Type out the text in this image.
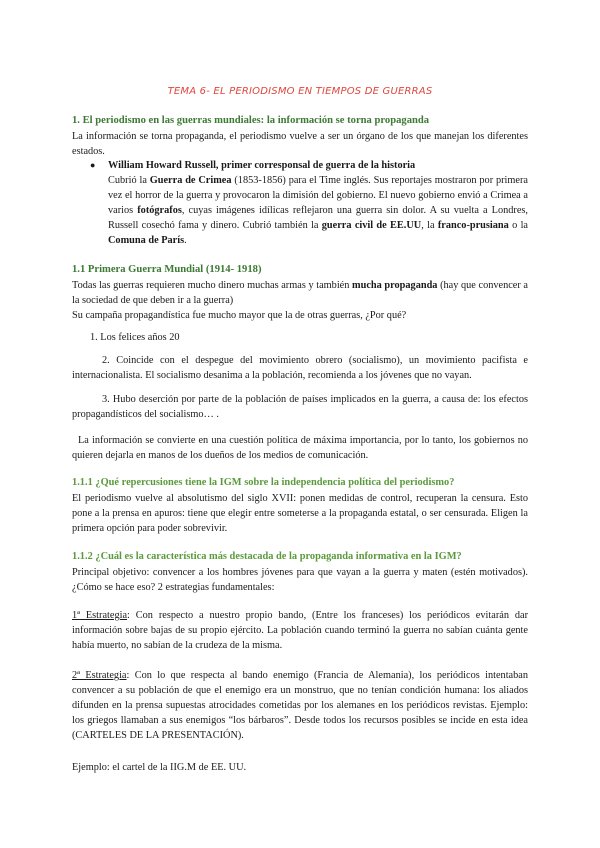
TEMA 6- EL PERIODISMO EN TIEMPOS DE GUERRAS
1. El periodismo en las guerras mundiales: la información se torna propaganda
La información se torna propaganda, el periodismo vuelve a ser un órgano de los que manejan los diferentes estados.
● William Howard Russell, primer corresponsal de guerra de la historia
Cubrió la Guerra de Crimea (1853-1856) para el Time inglés. Sus reportajes mostraron por primera vez el horror de la guerra y provocaron la dimisión del gobierno. El nuevo gobierno envió a Crimea a varios fotógrafos, cuyas imágenes idílicas reflejaron una guerra sin dolor. A su vuelta a Londres, Russell cosechó fama y dinero. Cubrió también la guerra civil de EE.UU, la franco-prusiana o la Comuna de París.
1.1 Primera Guerra Mundial (1914- 1918)
Todas las guerras requieren mucho dinero muchas armas y también mucha propaganda (hay que convencer a la sociedad de que deben ir a la guerra)
Su campaña propagandística fue mucho mayor que la de otras guerras, ¿Por qué?
1. Los felices años 20
2. Coincide con el despegue del movimiento obrero (socialismo), un movimiento pacifista e internacionalista. El socialismo desanima a la población, recomienda a los jóvenes que no vayan.
3. Hubo deserción por parte de la población de países implicados en la guerra, a causa de: los efectos propagandísticos del socialismo… .
La información se convierte en una cuestión política de máxima importancia, por lo tanto, los gobiernos no quieren dejarla en manos de los dueños de los medios de comunicación.
1.1.1 ¿Qué repercusiones tiene la IGM sobre la independencia política del periodismo?
El periodismo vuelve al absolutismo del siglo XVII: ponen medidas de control, recuperan la censura. Esto pone a la prensa en apuros: tiene que elegir entre someterse a la propaganda estatal, o ser censurada. Eligen la primera opción para poder sobrevivir.
1.1.2 ¿Cuál es la característica más destacada de la propaganda informativa en la IGM?
Principal objetivo: convencer a los hombres jóvenes para que vayan a la guerra y maten (estén motivados). ¿Cómo se hace eso? 2 estrategias fundamentales:
1ª Estrategia: Con respecto a nuestro propio bando, (Entre los franceses) los periódicos evitarán dar información sobre bajas de su propio ejército. La población cuando terminó la guerra no sabían cuánta gente había muerto, no sabían de la crudeza de la misma.
2ª Estrategia: Con lo que respecta al bando enemigo (Francia de Alemania), los periódicos intentaban convencer a su población de que el enemigo era un monstruo, que no tenían condición humana: los aliados difunden en la prensa supuestas atrocidades cometidas por los alemanes en los periódicos revistas. Ejemplo: los griegos llamaban a sus enemigos “los bárbaros”. Desde todos los recursos posibles se incide en esta idea (CARTELES DE LA PRESENTACIÓN).
Ejemplo: el cartel de la IIG.M de EE. UU.
